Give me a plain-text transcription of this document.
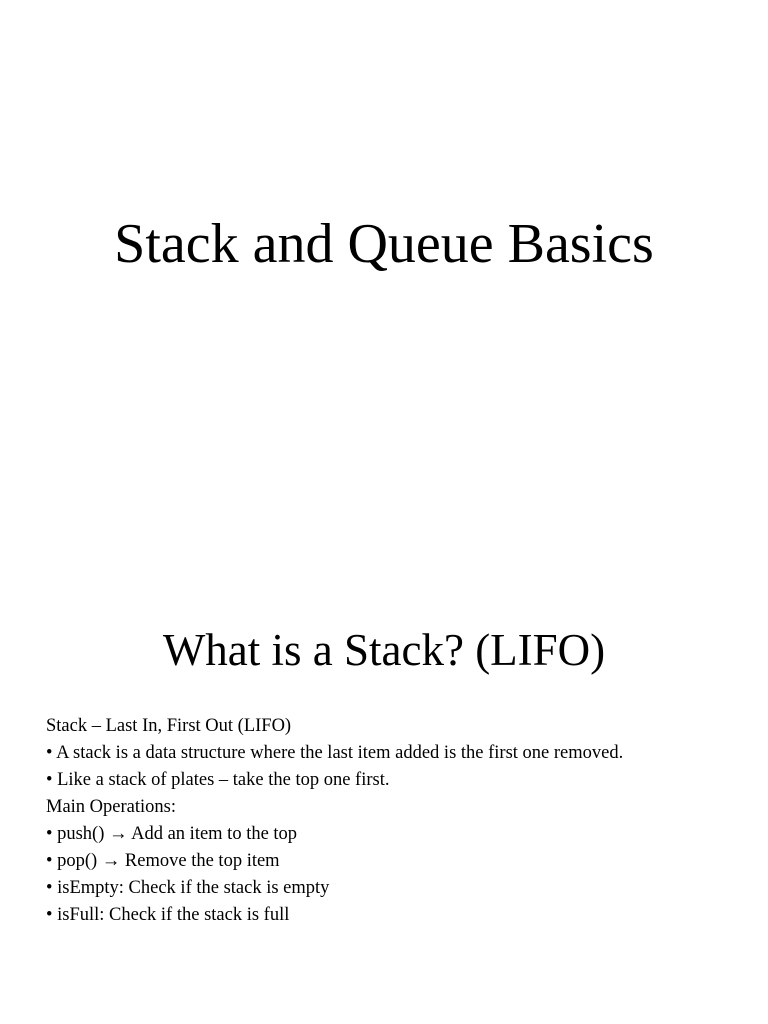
Stack and Queue Basics
What is a Stack? (LIFO)
Stack – Last In, First Out (LIFO)
• A stack is a data structure where the last item added is the first one removed.
• Like a stack of plates – take the top one first.
Main Operations:
• push() → Add an item to the top
• pop() → Remove the top item
• isEmpty: Check if the stack is empty
• isFull: Check if the stack is full
